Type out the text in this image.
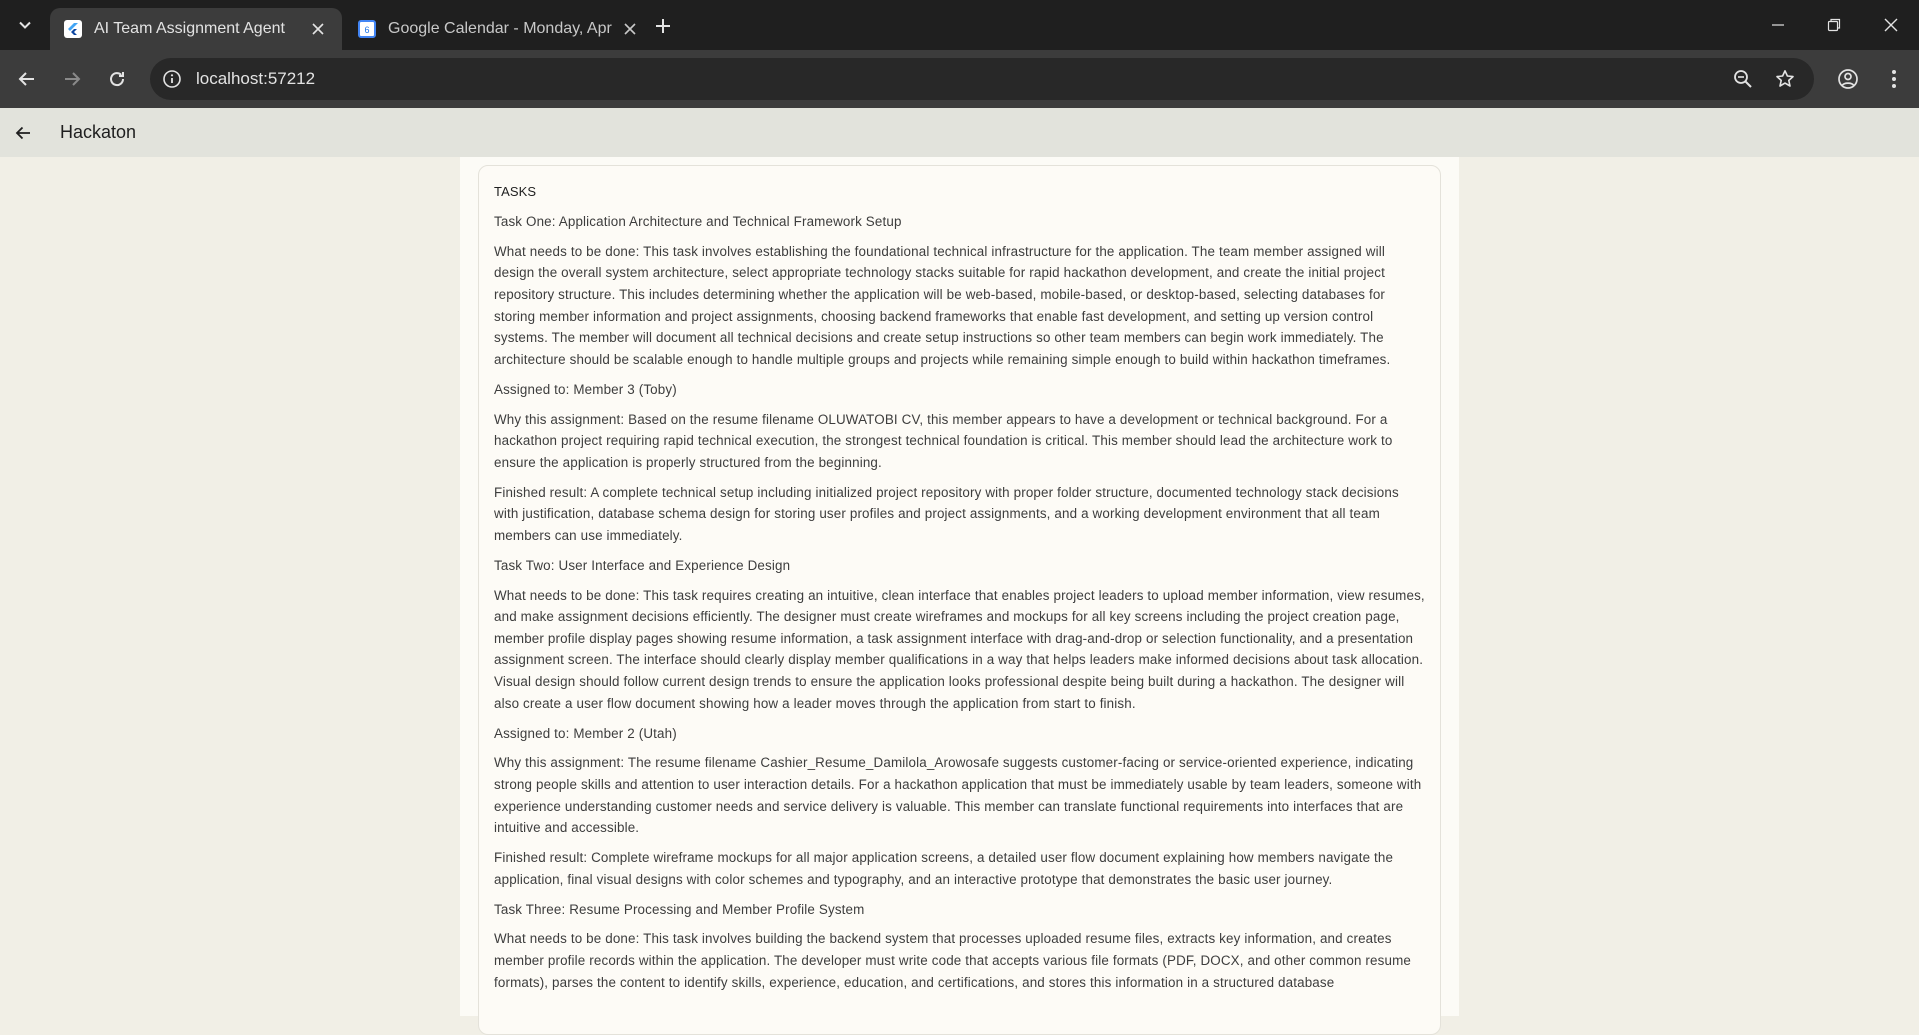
AI Team Assignment Agent	6 Google Calendar - Monday, Apr
localhost:57212
Hackaton
TASKS

Task One: Application Architecture and Technical Framework Setup

What needs to be done: This task involves establishing the foundational technical infrastructure for the application. The team member assigned will design the overall system architecture, select appropriate technology stacks suitable for rapid hackathon development, and create the initial project repository structure. This includes determining whether the application will be web-based, mobile-based, or desktop-based, selecting databases for storing member information and project assignments, choosing backend frameworks that enable fast development, and setting up version control systems. The member will document all technical decisions and create setup instructions so other team members can begin work immediately. The architecture should be scalable enough to handle multiple groups and projects while remaining simple enough to build within hackathon timeframes.

Assigned to: Member 3 (Toby)

Why this assignment: Based on the resume filename OLUWATOBI CV, this member appears to have a development or technical background. For a hackathon project requiring rapid technical execution, the strongest technical foundation is critical. This member should lead the architecture work to ensure the application is properly structured from the beginning.

Finished result: A complete technical setup including initialized project repository with proper folder structure, documented technology stack decisions with justification, database schema design for storing user profiles and project assignments, and a working development environment that all team members can use immediately.

Task Two: User Interface and Experience Design

What needs to be done: This task requires creating an intuitive, clean interface that enables project leaders to upload member information, view resumes, and make assignment decisions efficiently. The designer must create wireframes and mockups for all key screens including the project creation page, member profile display pages showing resume information, a task assignment interface with drag-and-drop or selection functionality, and a presentation assignment screen. The interface should clearly display member qualifications in a way that helps leaders make informed decisions about task allocation. Visual design should follow current design trends to ensure the application looks professional despite being built during a hackathon. The designer will also create a user flow document showing how a leader moves through the application from start to finish.

Assigned to: Member 2 (Utah)

Why this assignment: The resume filename Cashier_Resume_Damilola_Arowosafe suggests customer-facing or service-oriented experience, indicating strong people skills and attention to user interaction details. For a hackathon application that must be immediately usable by team leaders, someone with experience understanding customer needs and service delivery is valuable. This member can translate functional requirements into interfaces that are intuitive and accessible.

Finished result: Complete wireframe mockups for all major application screens, a detailed user flow document explaining how members navigate the application, final visual designs with color schemes and typography, and an interactive prototype that demonstrates the basic user journey.

Task Three: Resume Processing and Member Profile System

What needs to be done: This task involves building the backend system that processes uploaded resume files, extracts key information, and creates member profile records within the application. The developer must write code that accepts various file formats (PDF, DOCX, and other common resume formats), parses the content to identify skills, experience, education, and certifications, and stores this information in a structured database
